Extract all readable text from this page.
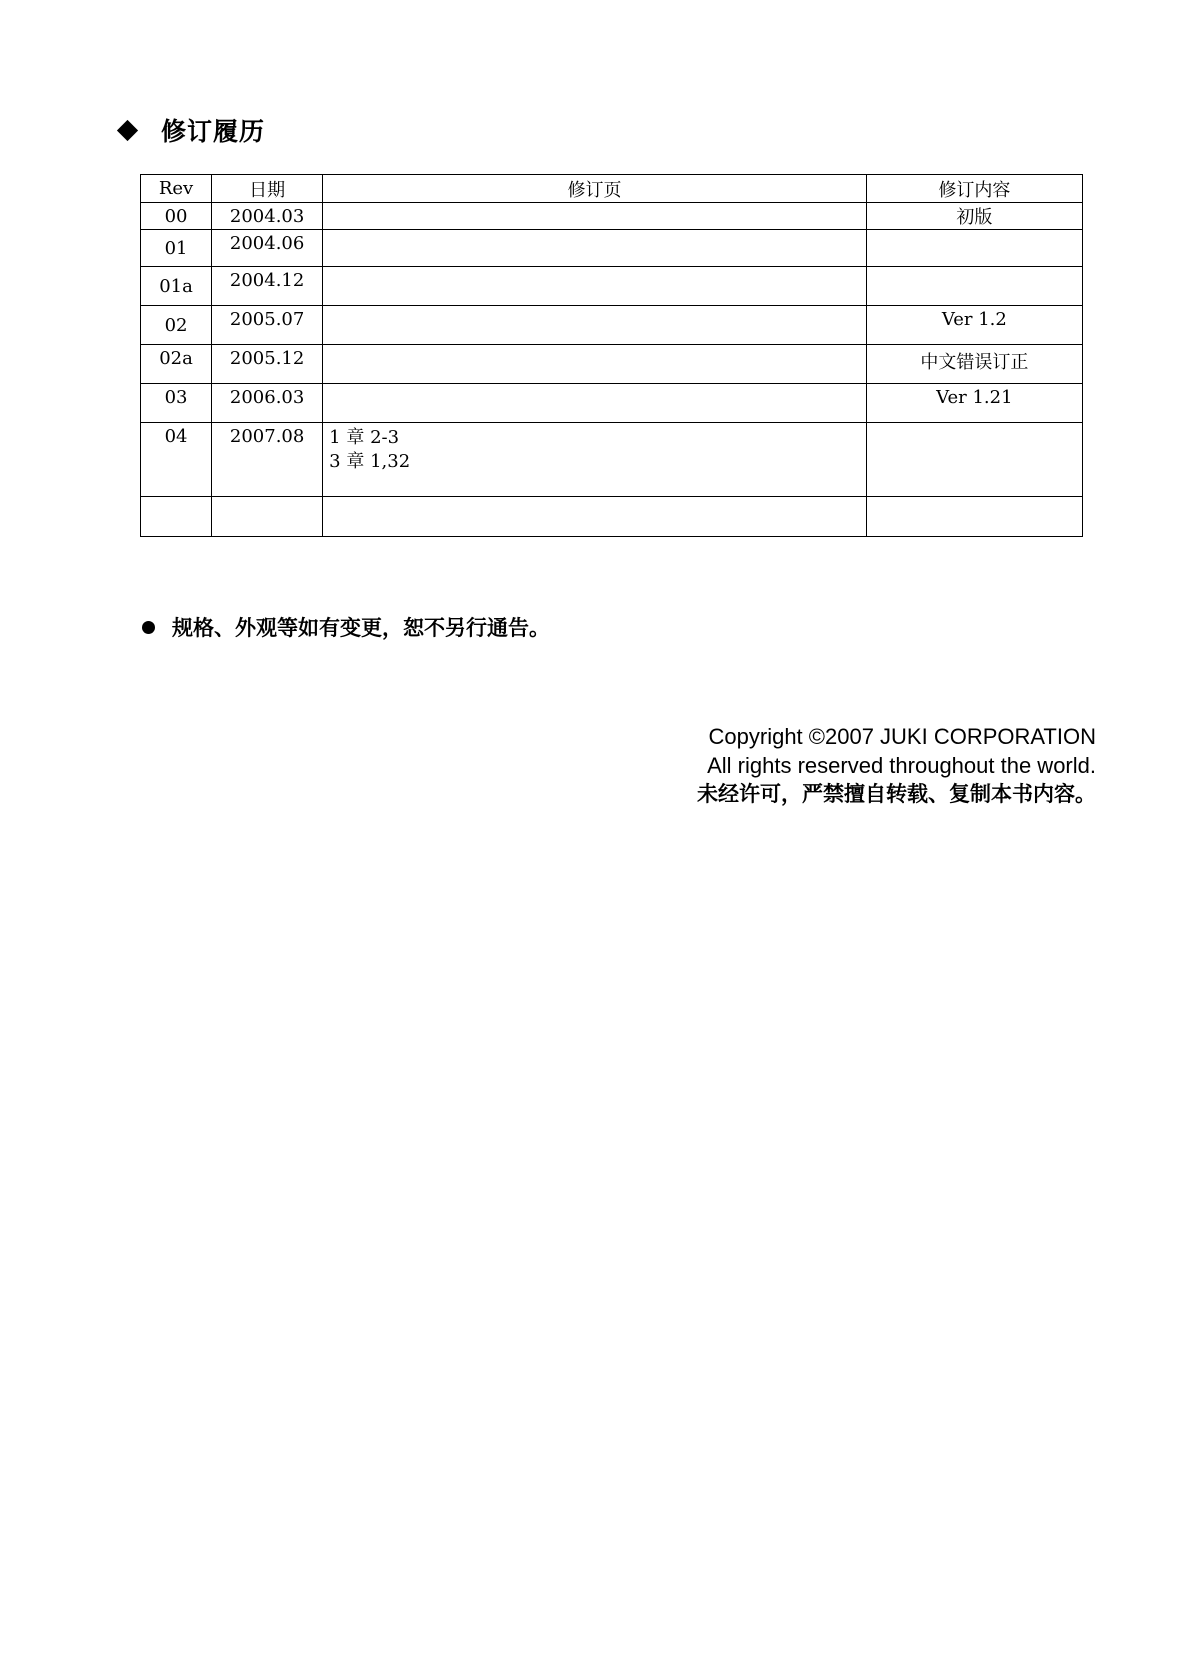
修订履历
Rev	日期	修订页	修订内容
00	2004.03		初版
01	2004.06		
01a	2004.12		
02	2005.07		Ver 1.2
02a	2005.12		中文错误订正
03	2006.03		Ver 1.21
04	2007.08	1 章 2-3
3 章 1,32	

规格、外观等如有变更，恕不另行通告。
Copyright ©2007 JUKI CORPORATION
All rights reserved throughout the world.
未经许可，严禁擅自转载、复制本书内容。
